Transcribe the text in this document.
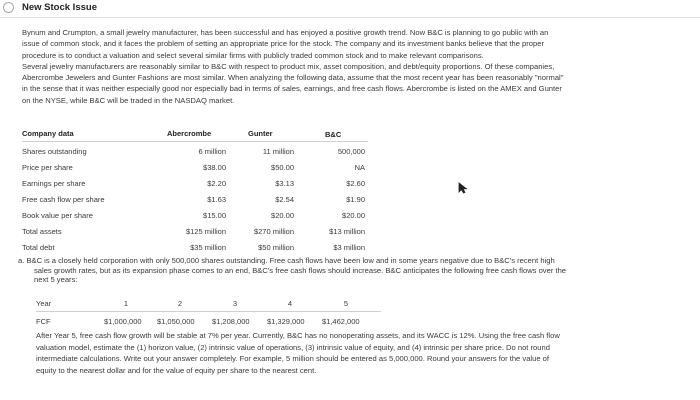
New Stock Issue
Bynum and Crumpton, a small jewelry manufacturer, has been successful and has enjoyed a positive growth trend. Now B&C is planning to go public with an
issue of common stock, and it faces the problem of setting an appropriate price for the stock. The company and its investment banks believe that the proper
procedure is to conduct a valuation and select several similar firms with publicly traded common stock and to make relevant comparisons.
Several jewelry manufacturers are reasonably similar to B&C with respect to product mix, asset composition, and debt/equity proportions. Of these companies,
Abercrombe Jewelers and Gunter Fashions are most similar. When analyzing the following data, assume that the most recent year has been reasonably "normal"
in the sense that it was neither especially good nor especially bad in terms of sales, earnings, and free cash flows. Abercrombe is listed on the AMEX and Gunter
on the NYSE, while B&C will be traded in the NASDAQ market.
Company data	Abercrombe	Gunter	B&C
Shares outstanding	6 million	11 million	500,000
Price per share	$38.00	$50.00	NA
Earnings per share	$2.20	$3.13	$2.60
Free cash flow per share	$1.63	$2.54	$1.90
Book value per share	$15.00	$20.00	$20.00
Total assets	$125 million	$270 million	$13 million
Total debt	$35 million	$50 million	$3 million
a. B&C is a closely held corporation with only 500,000 shares outstanding. Free cash flows have been low and in some years negative due to B&C's recent high
sales growth rates, but as its expansion phase comes to an end, B&C's free cash flows should increase. B&C anticipates the following free cash flows over the
next 5 years:
Year	1	2	3	4	5
FCF	$1,000,000 $1,050,000 $1,208,000 $1,329,000 $1,462,000
After Year 5, free cash flow growth will be stable at 7% per year. Currently, B&C has no nonoperating assets, and its WACC is 12%. Using the free cash flow
valuation model, estimate the (1) horizon value, (2) intrinsic value of operations, (3) intrinsic value of equity, and (4) intrinsic per share price. Do not round
intermediate calculations. Write out your answer completely. For example, 5 million should be entered as 5,000,000. Round your answers for the value of
equity to the nearest dollar and for the value of equity per share to the nearest cent.
